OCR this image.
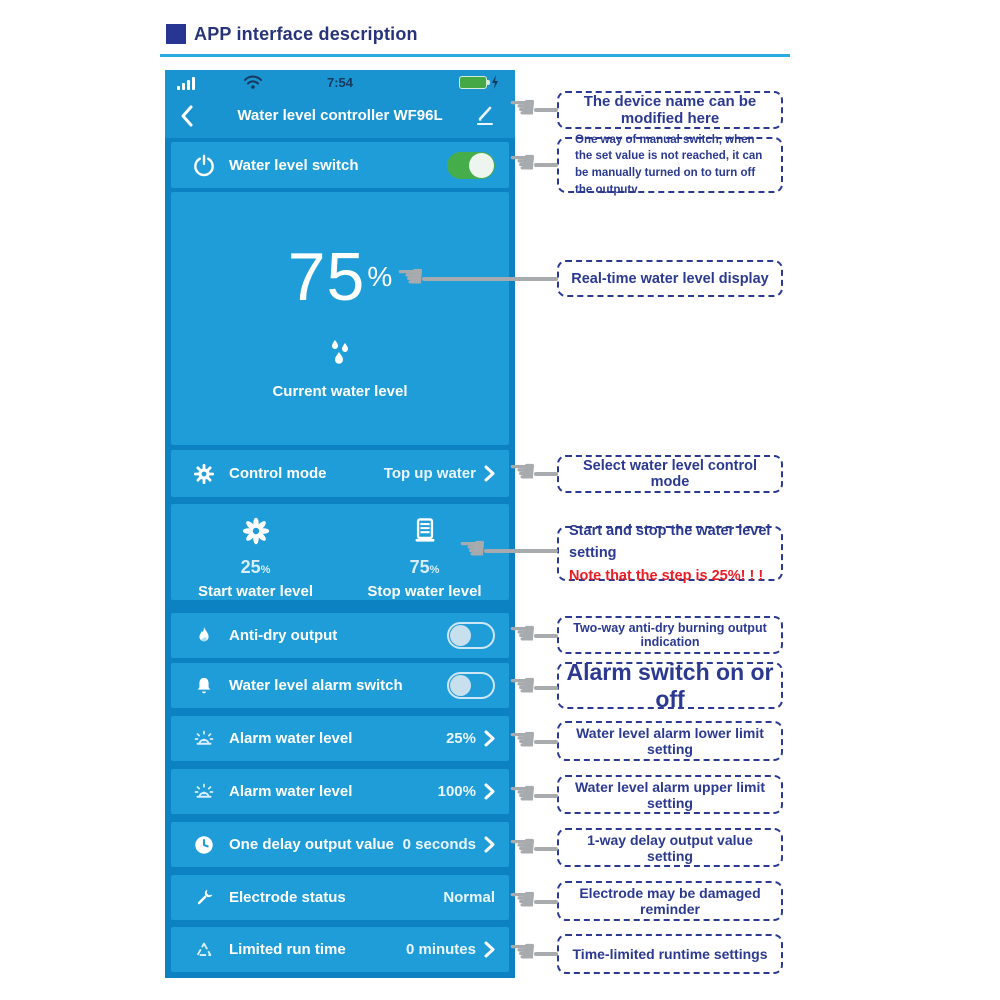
APP interface description
7:54
Water level controller WF96L
Water level switch
75%
Current water level
Control mode	Top up water
25%
Start water level
75%
Stop water level
Anti-dry output
Water level alarm switch
Alarm water level	25%
Alarm water level	100%
One delay output value 0 seconds
Electrode status	Normal
Limited run time	0 minutes
The device name can be modified here
One way of manual switch, when the set value is not reached, it can be manually turned on to turn off the outputv
Real-time water level display
Select water level control mode
Start and stop the water level setting
Note that the step is 25%! ! !
Two-way anti-dry burning output indication
Alarm switch on or off
Water level alarm lower limit setting
Water level alarm upper limit setting
1-way delay output value setting
Electrode may be damaged reminder
Time-limited runtime settings
☚
☚
☚
☚
☚
☚
☚
☚
☚
☚
☚
☚
